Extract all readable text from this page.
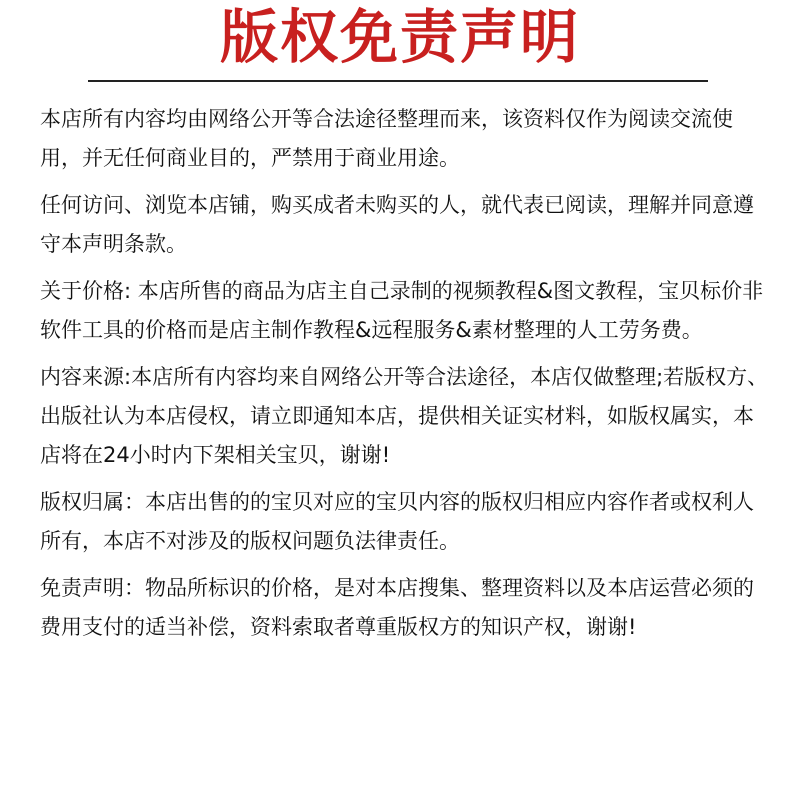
版权免责声明

本店所有内容均由网络公开等合法途径整理而来，该资料仅作为阅读交流使用，并无任何商业目的，严禁用于商业用途。

任何访问、浏览本店铺，购买成者未购买的人，就代表已阅读，理解并同意遵守本声明条款。

关于价格: 本店所售的商品为店主自己录制的视频教程&图文教程，宝贝标价非软件工具的价格而是店主制作教程&远程服务&素材整理的人工劳务费。

内容来源:本店所有内容均来自网络公开等合法途径，本店仅做整理;若版权方、出版社认为本店侵权，请立即通知本店，提供相关证实材料，如版权属实，本店将在24小时内下架相关宝贝，谢谢!

版权归属：本店出售的的宝贝对应的宝贝内容的版权归相应内容作者或权利人所有，本店不对涉及的版权问题负法律责任。

免责声明：物品所标识的价格，是对本店搜集、整理资料以及本店运营必须的费用支付的适当补偿，资料索取者尊重版权方的知识产权，谢谢!
